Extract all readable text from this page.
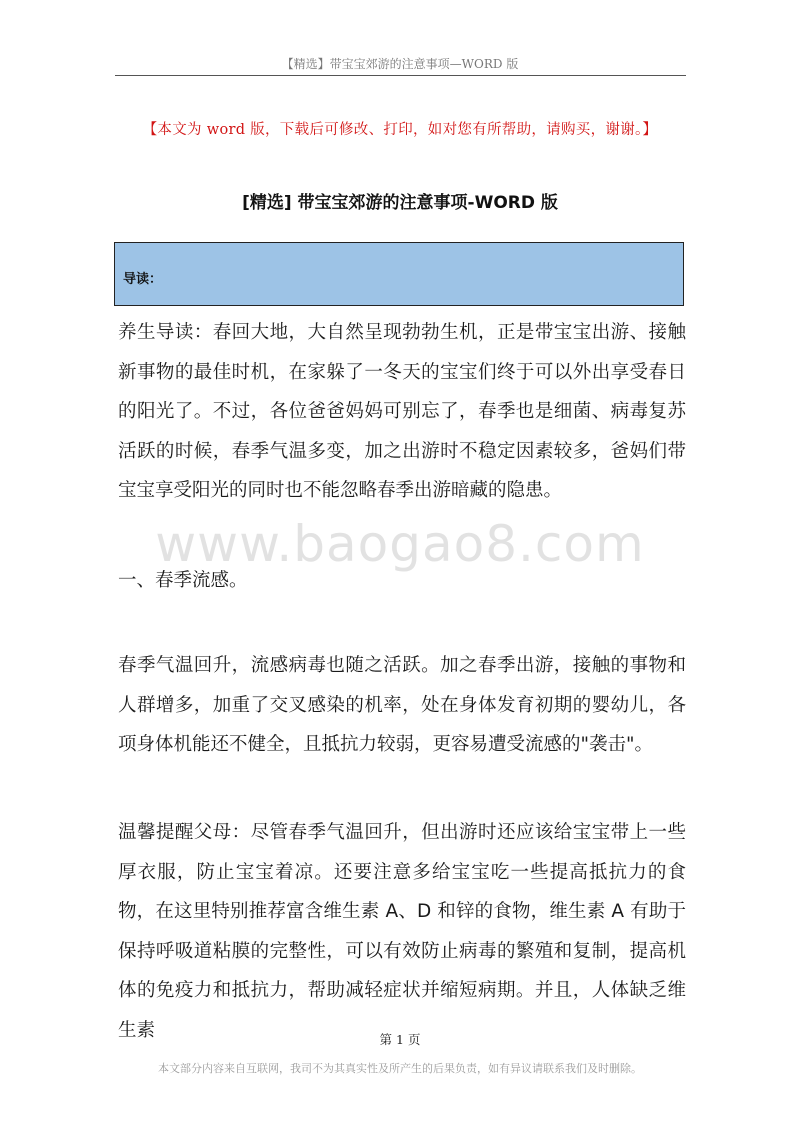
【精选】带宝宝郊游的注意事项—WORD 版
【本文为 word 版，下载后可修改、打印，如对您有所帮助，请购买，谢谢。】
[精选] 带宝宝郊游的注意事项-WORD 版
导读：

养生导读：春回大地，大自然呈现勃勃生机，正是带宝宝出游、接触新事物的最佳时机，在家躲了一冬天的宝宝们终于可以外出享受春日的阳光了。不过，各位爸爸妈妈可别忘了，春季也是细菌、病毒复苏活跃的时候，春季气温多变，加之出游时不稳定因素较多，爸妈们带宝宝享受阳光的同时也不能忽略春季出游暗藏的隐患。

www.baogao8.com

一、春季流感。

春季气温回升，流感病毒也随之活跃。加之春季出游，接触的事物和人群增多，加重了交叉感染的机率，处在身体发育初期的婴幼儿，各项身体机能还不健全，且抵抗力较弱，更容易遭受流感的"袭击"。

温馨提醒父母：尽管春季气温回升，但出游时还应该给宝宝带上一些厚衣服，防止宝宝着凉。还要注意多给宝宝吃一些提高抵抗力的食物，在这里特别推荐富含维生素 A、D 和锌的食物，维生素 A 有助于保持呼吸道粘膜的完整性，可以有效防止病毒的繁殖和复制，提高机体的免疫力和抵抗力，帮助减轻症状并缩短病期。并且，人体缺乏维生素	第 1 页
本文部分内容来自互联网，我司不为其真实性及所产生的后果负责，如有异议请联系我们及时删除。
